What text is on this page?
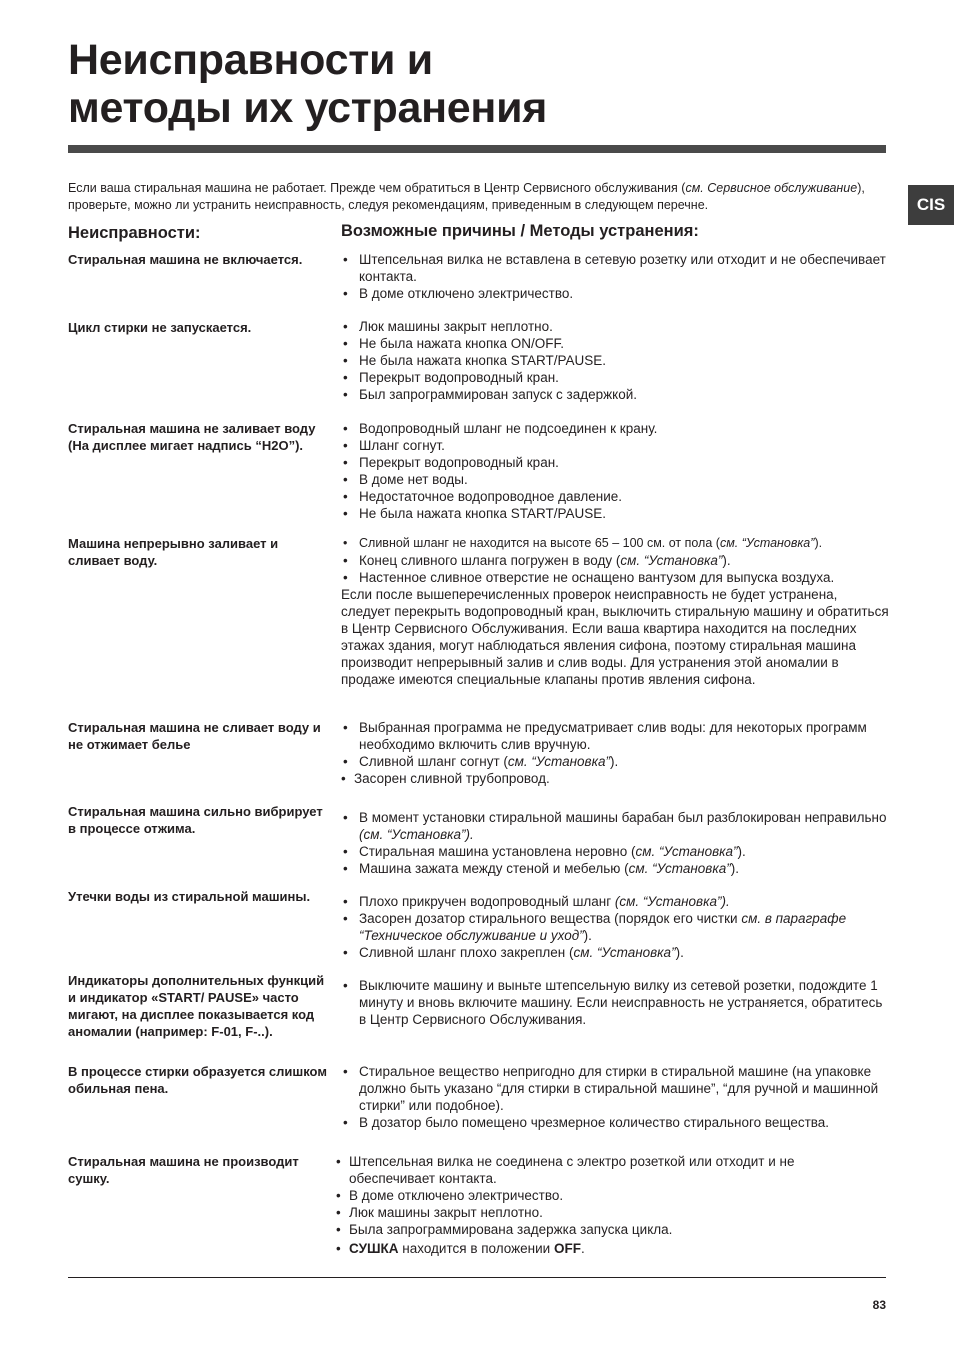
Неисправности и
методы их устранения
CIS

Если ваша стиральная машина не работает. Прежде чем обратиться в Центр Сервисного обслуживания (см. Сервисное обслуживание), проверьте, можно ли устранить неисправность, следуя рекомендациям, приведенным в следующем перечне.

Неисправности:	Возможные причины / Методы устранения:

Стиральная машина не включается.	• Штепсельная вилка не вставлена в сетевую розетку или отходит и не обеспечивает контакта.
• В доме отключено электричество.

Цикл стирки не запускается.	• Люк машины закрыт неплотно.
• Не была нажата кнопка ON/OFF.
• Не была нажата кнопка START/PAUSE.
• Перекрыт водопроводный кран.
• Был запрограммирован запуск с задержкой.

Стиральная машина не заливает воду (На дисплее мигает надпись “H2O”).

• Водопроводный шланг не подсоединен к крану.
• Шланг согнут.
• Перекрыт водопроводный кран.
• В доме нет воды.
• Недостаточное водопроводное давление.
• Не была нажата кнопка START/PAUSE.

Машина непрерывно заливает и сливает воду.

• Сливной шланг не находится на высоте 65 – 100 см. от пола (см. “Установка”).
• Конец сливного шланга погружен в воду (см. “Установка”).
• Настенное сливное отверстие не оснащено вантузом для выпуска воздуха.

Если после вышеперечисленных проверок неисправность не будет устранена, следует перекрыть водопроводный кран, выключить стиральную машину и обратиться в Центр Сервисного Обслуживания. Если ваша квартира находится на последних этажах здания, могут наблюдаться явления сифона, поэтому стиральная машина производит непрерывный залив и слив воды. Для устранения этой аномалии в продаже имеются специальные клапаны против явления сифона.

Стиральная машина не сливает воду и не отжимает белье

• Выбранная программа не предусматривает слив воды: для некоторых программ необходимо включить слив вручную.
• Сливной шланг согнут (см. “Установка”).
• Засорен сливной трубопровод.

Стиральная машина сильно вибрирует в процессе отжима.

• В момент установки стиральной машины барабан был разблокирован неправильно (см. “Установка”).
• Стиральная машина установлена неровно (см. “Установка”).
• Машина зажата между стеной и мебелью (см. “Установка”).

Утечки воды из стиральной машины.	• Плохо прикручен водопроводный шланг (см. “Установка”).
• Засорен дозатор стирального вещества (порядок его чистки см. в параграфе “Техническое обслуживание и уход”).
• Сливной шланг плохо закреплен (см. “Установка”).

Индикаторы дополнительных функций и индикатор «START/ PAUSE» часто мигают, на дисплее показывается код аномалии (например: F-01, F-..).

• Выключите машину и выньте штепсельную вилку из сетевой розетки, подождите 1 минуту и вновь включите машину. Если неисправность не устраняется, обратитесь в Центр Сервисного Обслуживания.

В процессе стирки образуется слишком обильная пена.

• Стиральное вещество непригодно для стирки в стиральной машине (на упаковке должно быть указано “для стирки в стиральной машине”, “для ручной и машинной стирки” или подобное).
• В дозатор было помещено чрезмерное количество стирального вещества.

Стиральная машина не производит сушку.

• Штепсельная вилка не соединена с электро розеткой или отходит и не обеспечивает контакта.
• В доме отключено электричество.
• Люк машины закрыт неплотно.
• Была запрограммирована задержка запуска цикла.
• СУШКА находится в положении OFF.
83
